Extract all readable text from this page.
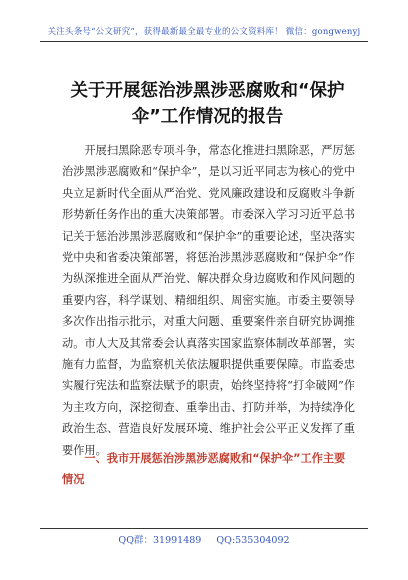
关注头条号“公文研究”，获得最新最全最专业的公文资料库！ 微信：gongwenyj
关于开展惩治涉黑涉恶腐败和“保护伞”工作情况的报告

开展扫黑除恶专项斗争，常态化推进扫黑除恶，严厉惩治涉黑涉恶腐败和“保护伞”，是以习近平同志为核心的党中央立足新时代全面从严治党、党风廉政建设和反腐败斗争新形势新任务作出的重大决策部署。市委深入学习习近平总书记关于惩治涉黑涉恶腐败和“保护伞”的重要论述，坚决落实党中央和省委决策部署，将惩治涉黑涉恶腐败和“保护伞”作为纵深推进全面从严治党、解决群众身边腐败和作风问题的重要内容，科学谋划、精细组织、周密实施。市委主要领导多次作出指示批示，对重大问题、重要案件亲自研究协调推动。市人大及其常委会认真落实国家监察体制改革部署，实施有力监督，为监察机关依法履职提供重要保障。市监委忠实履行宪法和监察法赋予的职责，始终坚持将“打伞破网”作为主攻方向，深挖彻查、重拳出击、打防并举，为持续净化政治生态、营造良好发展环境、维护社会公平正义发挥了重要作用。

一、我市开展惩治涉黑涉恶腐败和“保护伞”工作主要情况

QQ群：31991489 QQ:535304092
